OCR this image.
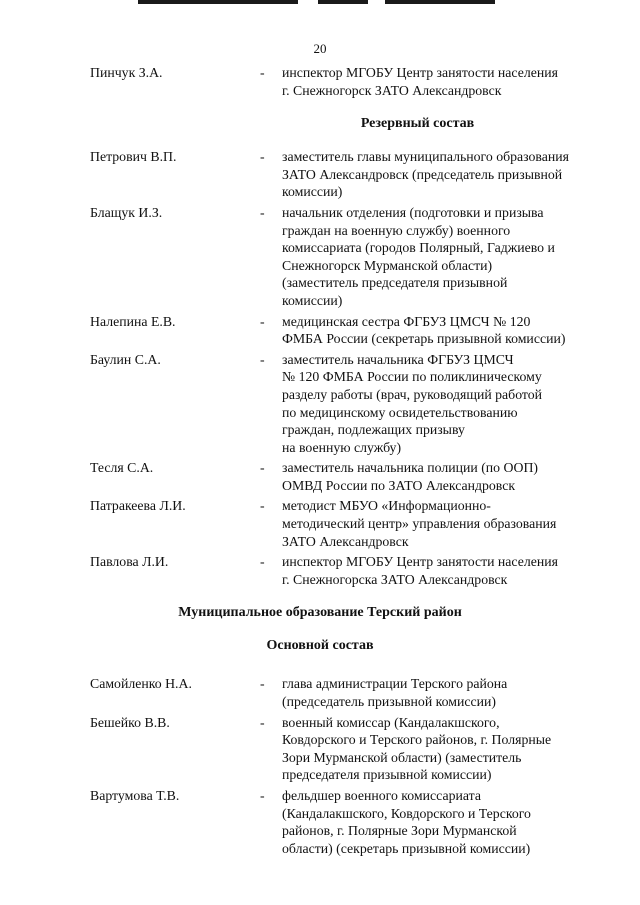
20
Пинчук З.А.	-	инспектор МГОБУ Центр занятости населения
г. Снежногорск ЗАТО Александровск
Резервный состав
Петрович В.П.	-	заместитель главы муниципального образования
ЗАТО Александровск (председатель призывной
комиссии)
Блащук И.З.	-	начальник отделения (подготовки и призыва
граждан на военную службу) военного
комиссариата (городов Полярный, Гаджиево и
Снежногорск Мурманской области)
(заместитель председателя призывной
комиссии)
Налепина Е.В.	-	медицинская сестра ФГБУЗ ЦМСЧ № 120
ФМБА России (секретарь призывной комиссии)
Баулин С.А.	-	заместитель начальника ФГБУЗ ЦМСЧ
№ 120 ФМБА России по поликлиническому
разделу работы (врач, руководящий работой
по медицинскому освидетельствованию
граждан, подлежащих призыву
на военную службу)
Тесля С.А.	-	заместитель начальника полиции (по ООП)
ОМВД России по ЗАТО Александровск
Патракеева Л.И.	-	методист МБУО «Информационно-
методический центр» управления образования
ЗАТО Александровск
Павлова Л.И.	-	инспектор МГОБУ Центр занятости населения
г. Снежногорска ЗАТО Александровск
Муниципальное образование Терский район
Основной состав
Самойленко Н.А.	-	глава администрации Терского района
(председатель призывной комиссии)
Бешейко В.В.	-	военный комиссар (Кандалакшского,
Ковдорского и Терского районов, г. Полярные
Зори Мурманской области) (заместитель
председателя призывной комиссии)
Вартумова Т.В.	-	фельдшер военного комиссариата
(Кандалакшского, Ковдорского и Терского
районов, г. Полярные Зори Мурманской
области) (секретарь призывной комиссии)
